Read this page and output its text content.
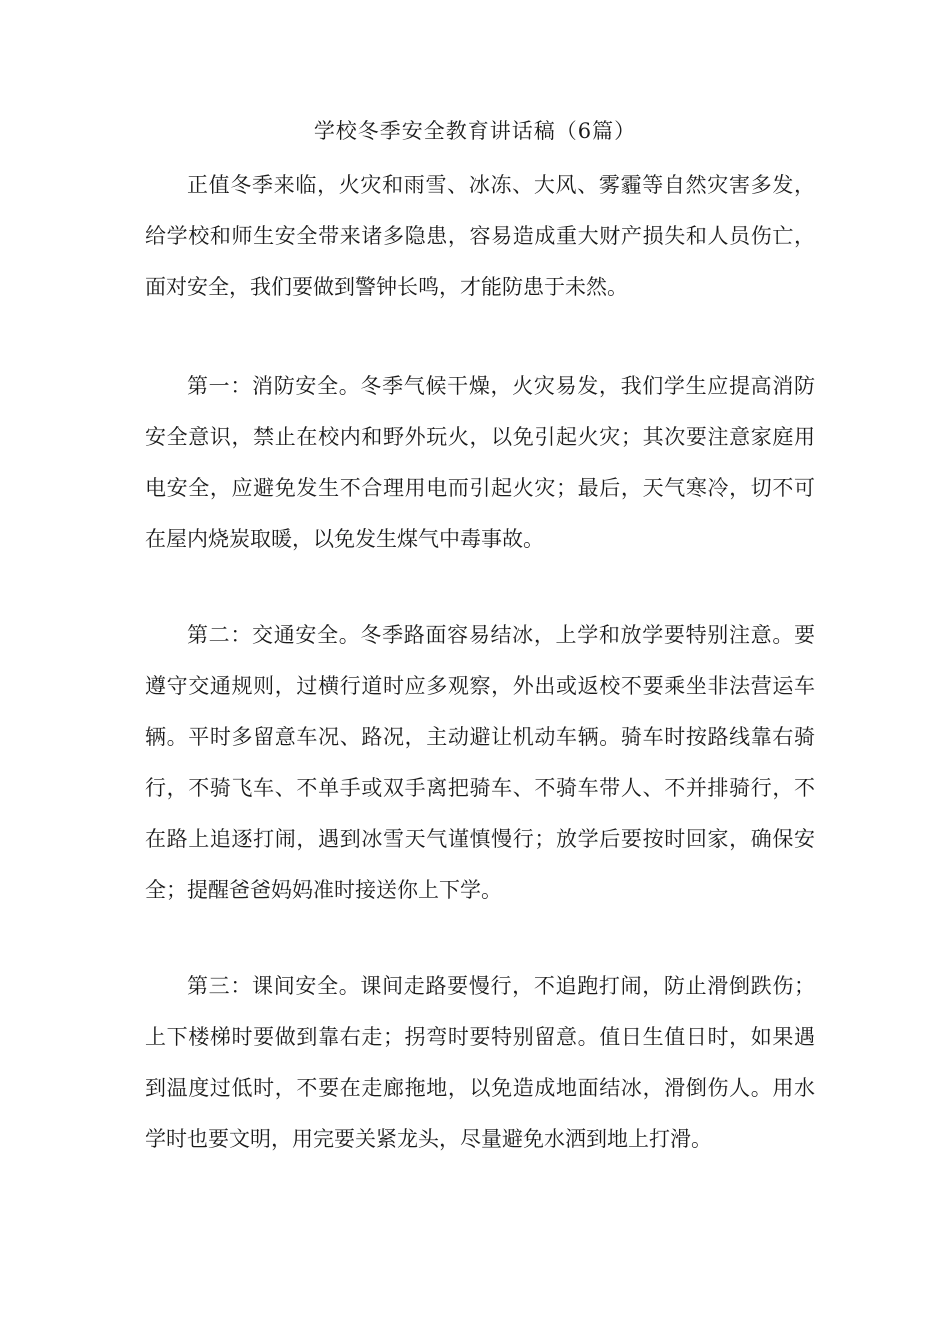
学校冬季安全教育讲话稿（6篇）

正值冬季来临，火灾和雨雪、冰冻、大风、雾霾等自然灾害多发，给学校和师生安全带来诸多隐患，容易造成重大财产损失和人员伤亡，面对安全，我们要做到警钟长鸣，才能防患于未然。

第一：消防安全。冬季气候干燥，火灾易发，我们学生应提高消防安全意识，禁止在校内和野外玩火，以免引起火灾；其次要注意家庭用电安全，应避免发生不合理用电而引起火灾；最后，天气寒冷，切不可在屋内烧炭取暖，以免发生煤气中毒事故。

第二：交通安全。冬季路面容易结冰，上学和放学要特别注意。要遵守交通规则，过横行道时应多观察，外出或返校不要乘坐非法营运车辆。平时多留意车况、路况，主动避让机动车辆。骑车时按路线靠右骑行，不骑飞车、不单手或双手离把骑车、不骑车带人、不并排骑行，不在路上追逐打闹，遇到冰雪天气谨慎慢行；放学后要按时回家，确保安全；提醒爸爸妈妈准时接送你上下学。

第三：课间安全。课间走路要慢行，不追跑打闹，防止滑倒跌伤；上下楼梯时要做到靠右走；拐弯时要特别留意。值日生值日时，如果遇到温度过低时，不要在走廊拖地，以免造成地面结冰，滑倒伤人。用水学时也要文明，用完要关紧龙头，尽量避免水洒到地上打滑。
